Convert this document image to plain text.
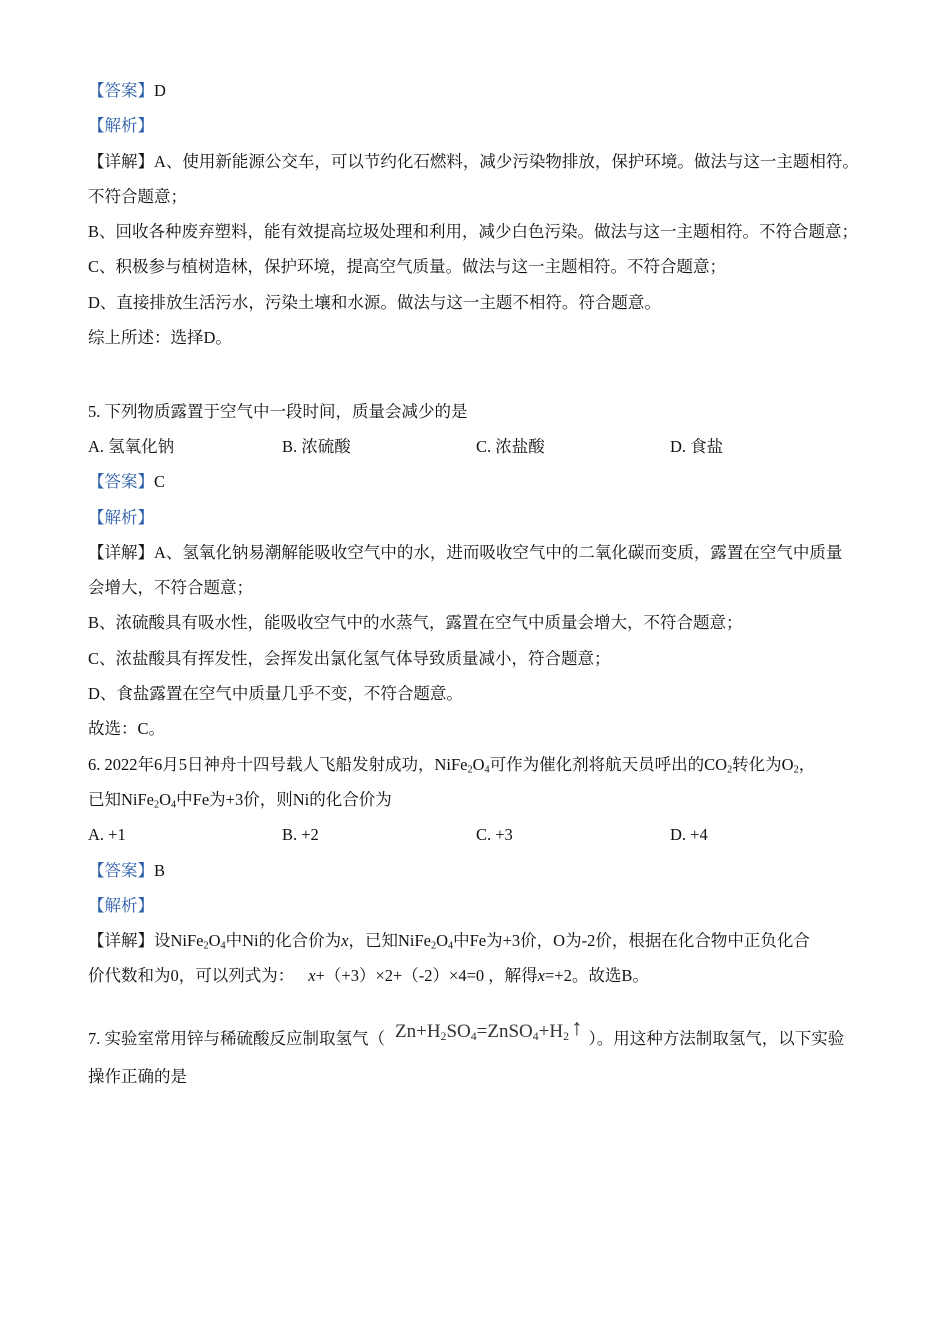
【答案】D
【解析】
【详解】A、使用新能源公交车，可以节约化石燃料，减少污染物排放，保护环境。做法与这一主题相符。
不符合题意；
B、回收各种废弃塑料，能有效提高垃圾处理和利用，减少白色污染。做法与这一主题相符。不符合题意；
C、积极参与植树造林，保护环境，提高空气质量。做法与这一主题相符。不符合题意；
D、直接排放生活污水，污染土壤和水源。做法与这一主题不相符。符合题意。
综上所述：选择D。
5. 下列物质露置于空气中一段时间，质量会减少的是
A. 氢氧化钠	B. 浓硫酸	C. 浓盐酸	D. 食盐
【答案】C
【解析】
【详解】A、氢氧化钠易潮解能吸收空气中的水，进而吸收空气中的二氧化碳而变质，露置在空气中质量
会增大，不符合题意；
B、浓硫酸具有吸水性，能吸收空气中的水蒸气，露置在空气中质量会增大，不符合题意；
C、浓盐酸具有挥发性，会挥发出氯化氢气体导致质量减小，符合题意；
D、食盐露置在空气中质量几乎不变，不符合题意。
故选：C。
6. 2022年6月5日神舟十四号载人飞船发射成功，$NiFe_2O_4$可作为催化剂将航天员呼出的$CO_2$转化为$O_2$，
已知$NiFe_2O_4$中Fe为+3价，则Ni的化合价为
A. +1	B. +2	C. +3	D. +4
【答案】B
【解析】
【详解】设$NiFe_2O_4$中Ni的化合价为x，已知$NiFe_2O_4$中Fe为+3价，O为-2价，根据在化合物中正负化合
价代数和为0，可以列式为： x+（+3）×2+（-2）×4=0 ，解得x=+2。故选B。
7. 实验室常用锌与稀硫酸反应制取氢气（ $Zn+H_2SO_4=ZnSO_4+H_2↑$ ）。用这种方法制取氢气，以下实验
操作正确的是
